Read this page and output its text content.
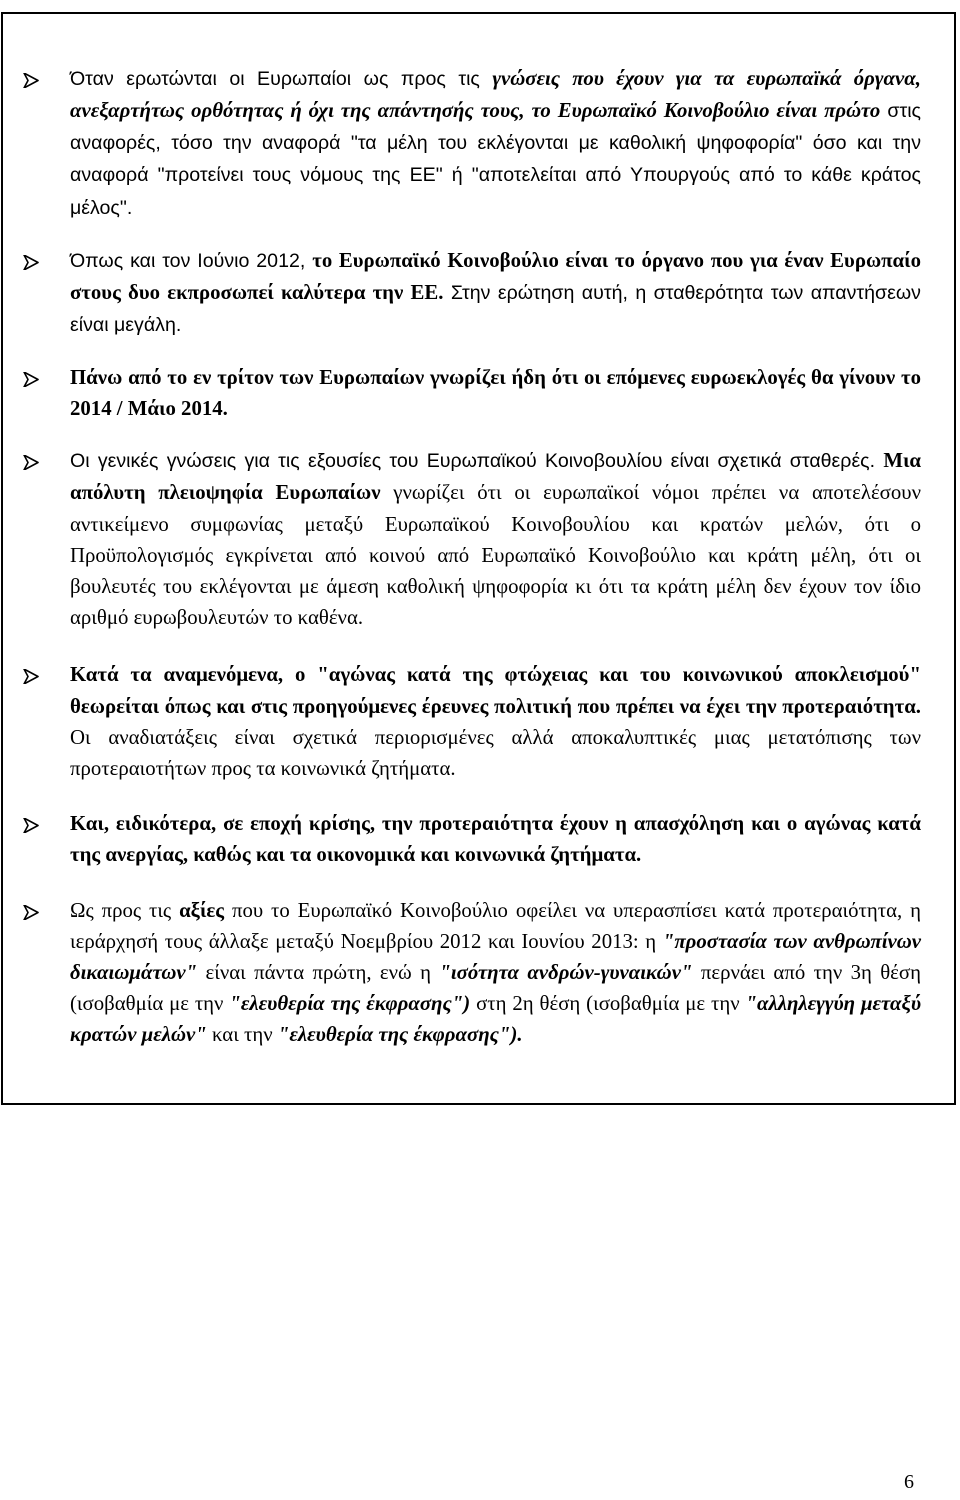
Όταν ερωτώνται οι Ευρωπαίοι ως προς τις γνώσεις που έχουν για τα ευρωπαϊκά όργανα, ανεξαρτήτως ορθότητας ή όχι της απάντησής τους, το Ευρωπαϊκό Κοινοβούλιο είναι πρώτο στις αναφορές, τόσο την αναφορά "τα μέλη του εκλέγονται με καθολική ψηφοφορία" όσο και την αναφορά "προτείνει τους νόμους της ΕΕ" ή "αποτελείται από Υπουργούς από το κάθε κράτος μέλος".

Όπως και τον Ιούνιο 2012, το Ευρωπαϊκό Κοινοβούλιο είναι το όργανο που για έναν Ευρωπαίο στους δυο εκπροσωπεί καλύτερα την ΕΕ. Στην ερώτηση αυτή, η σταθερότητα των απαντήσεων είναι μεγάλη.

Πάνω από το εν τρίτον των Ευρωπαίων γνωρίζει ήδη ότι οι επόμενες ευρωεκλογές θα γίνουν το 2014 / Μάιο 2014.

Οι γενικές γνώσεις για τις εξουσίες του Ευρωπαϊκού Κοινοβουλίου είναι σχετικά σταθερές. Μια απόλυτη πλειοψηφία Ευρωπαίων γνωρίζει ότι οι ευρωπαϊκοί νόμοι πρέπει να αποτελέσουν αντικείμενο συμφωνίας μεταξύ Ευρωπαϊκού Κοινοβουλίου και κρατών μελών, ότι ο Προϋπολογισμός εγκρίνεται από κοινού από Ευρωπαϊκό Κοινοβούλιο και κράτη μέλη, ότι οι βουλευτές του εκλέγονται με άμεση καθολική ψηφοφορία κι ότι τα κράτη μέλη δεν έχουν τον ίδιο αριθμό ευρωβουλευτών το καθένα.

Κατά τα αναμενόμενα, ο "αγώνας κατά της φτώχειας και του κοινωνικού αποκλεισμού" θεωρείται όπως και στις προηγούμενες έρευνες πολιτική που πρέπει να έχει την προτεραιότητα. Οι αναδιατάξεις είναι σχετικά περιορισμένες αλλά αποκαλυπτικές μιας μετατόπισης των προτεραιοτήτων προς τα κοινωνικά ζητήματα.

Και, ειδικότερα, σε εποχή κρίσης, την προτεραιότητα έχουν η απασχόληση και ο αγώνας κατά της ανεργίας, καθώς και τα οικονομικά και κοινωνικά ζητήματα.

Ως προς τις αξίες που το Ευρωπαϊκό Κοινοβούλιο οφείλει να υπερασπίσει κατά προτεραιότητα, η ιεράρχησή τους άλλαξε μεταξύ Νοεμβρίου 2012 και Ιουνίου 2013: η "προστασία των ανθρωπίνων δικαιωμάτων" είναι πάντα πρώτη, ενώ η "ισότητα ανδρών-γυναικών" περνάει από την 3η θέση (ισοβαθμία με την "ελευθερία της έκφρασης") στη 2η θέση (ισοβαθμία με την "αλληλεγγύη μεταξύ κρατών μελών" και την "ελευθερία της έκφρασης").

6
